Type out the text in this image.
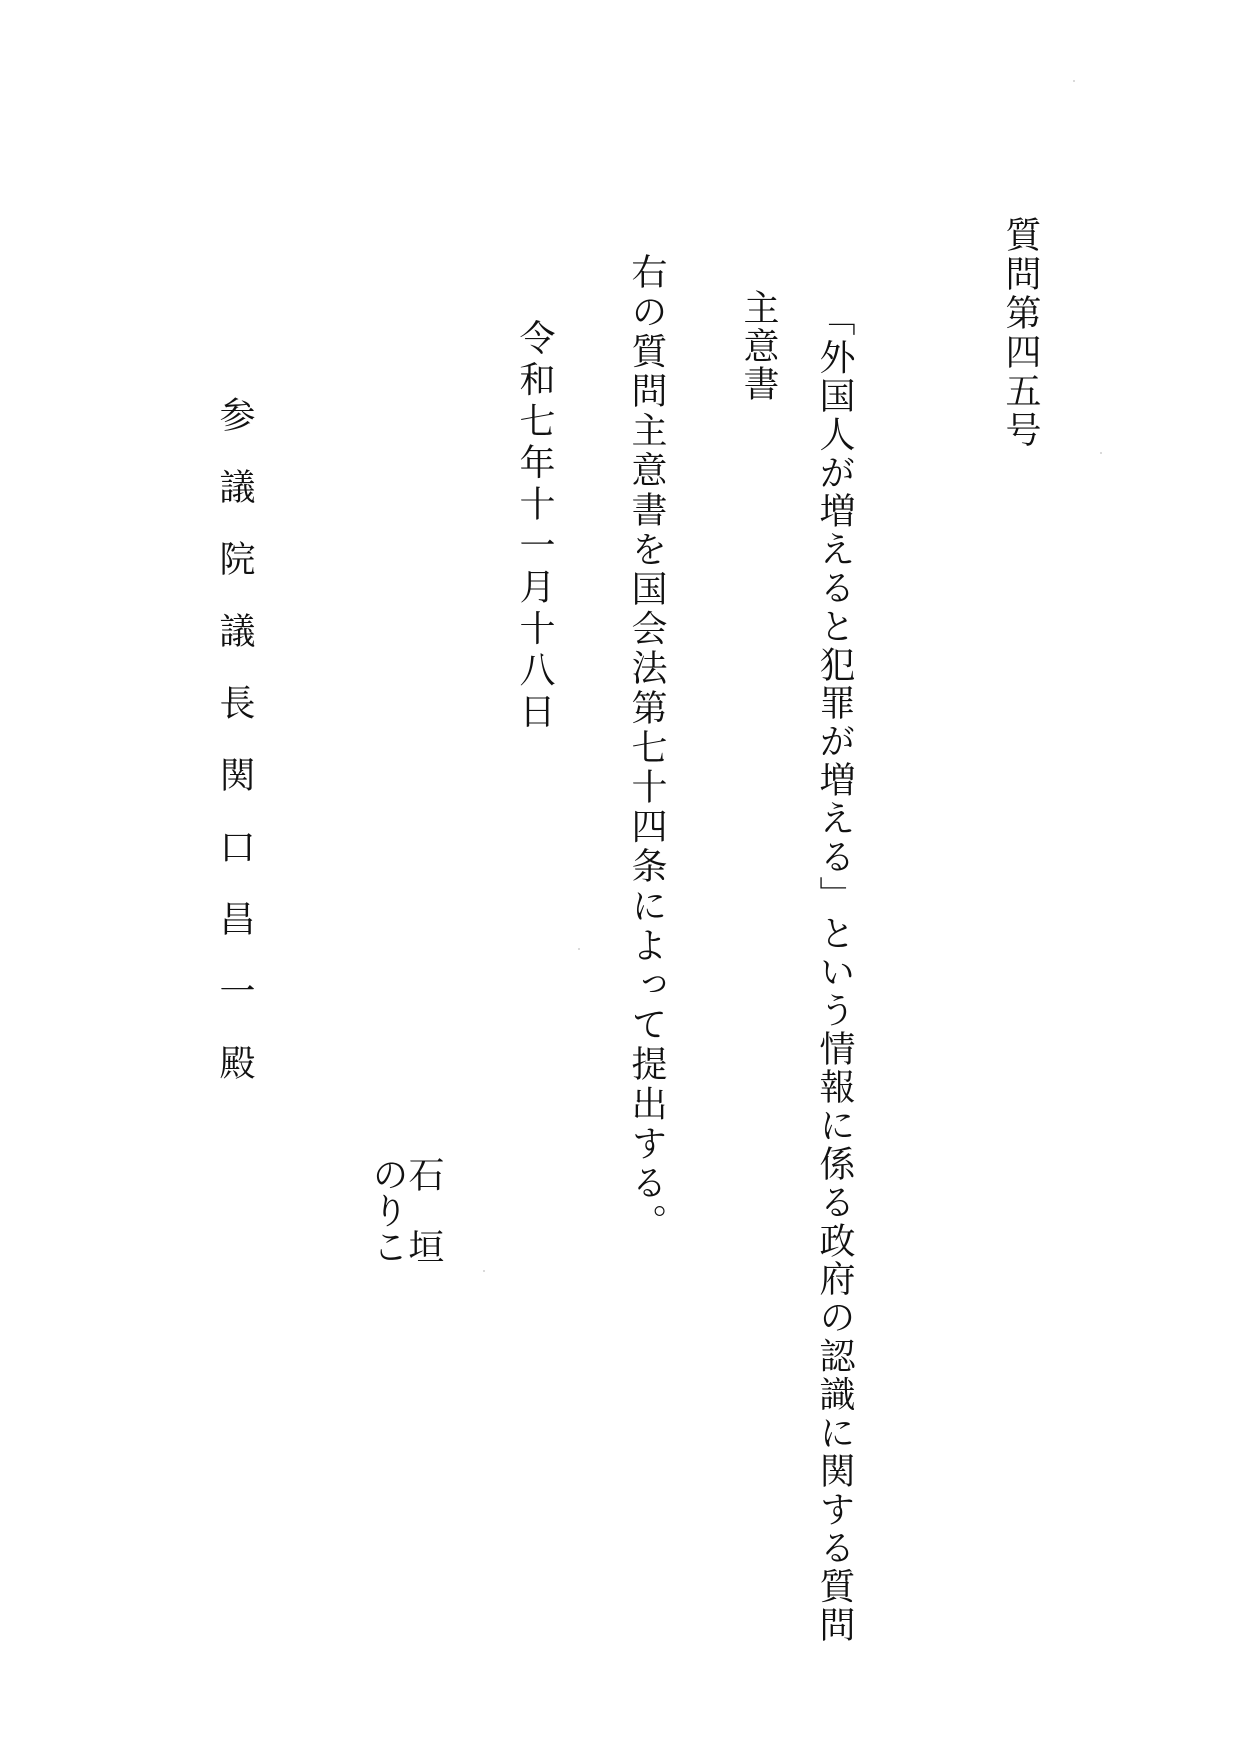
質問第四五号
「外国人が増えると犯罪が増える」という情報に係る政府の認識に関する質問
主意書
右の質問主意書を国会法第七十四条によって提出する。
令和七年十一月十八日
石　垣
のりこ
参議院議長関口昌一殿
